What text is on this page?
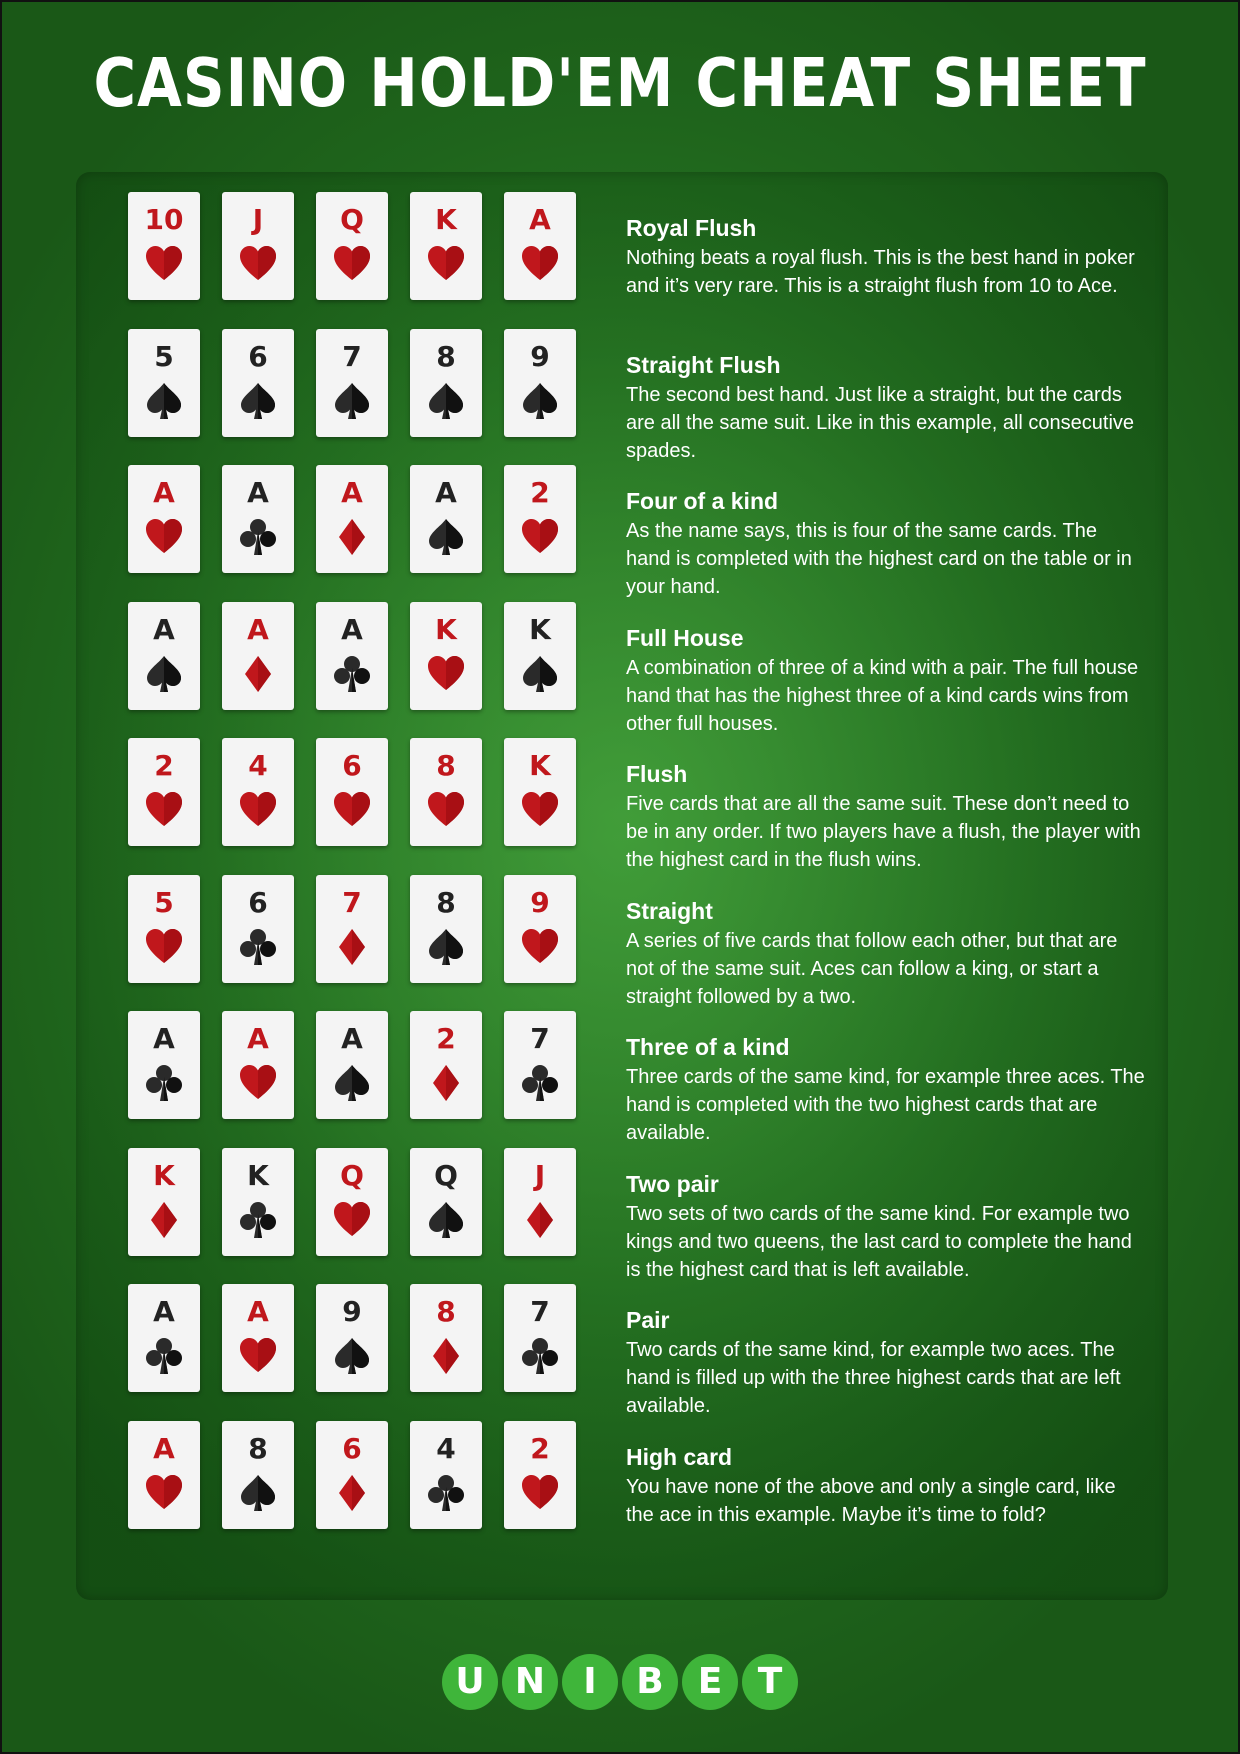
CASINO HOLD'EM CHEAT SHEET
10	J	Q	K	A	Royal Flush
Nothing beats a royal flush. This is the best hand in poker and it’s very rare. This is a straight flush from 10 to Ace.
5	6	7	8	9	Straight Flush
The second best hand. Just like a straight, but the cards are all the same suit. Like in this example, all consecutive spades.
A	A	A	A	2	Four of a kind
As the name says, this is four of the same cards. The hand is completed with the highest card on the table or in your hand.
A	A	A	K	K	Full House
A combination of three of a kind with a pair. The full house hand that has the highest three of a kind cards wins from other full houses.
2	4	6	8	K	Flush
Five cards that are all the same suit. These don’t need to be in any order. If two players have a flush, the player with the highest card in the flush wins.
5	6	7	8	9	Straight
A series of five cards that follow each other, but that are not of the same suit. Aces can follow a king, or start a straight followed by a two.
A	A	A	2	7	Three of a kind
Three cards of the same kind, for example three aces. The hand is completed with the two highest cards that are available.
K	K	Q	Q	J	Two pair
Two sets of two cards of the same kind. For example two kings and two queens, the last card to complete the hand is the highest card that is left available.
A	A	9	8	7	Pair
Two cards of the same kind, for example two aces. The hand is filled up with the three highest cards that are left available.
A	8	6	4	2	High card
You have none of the above and only a single card, like the ace in this example. Maybe it’s time to fold?
U N	I	B E T
